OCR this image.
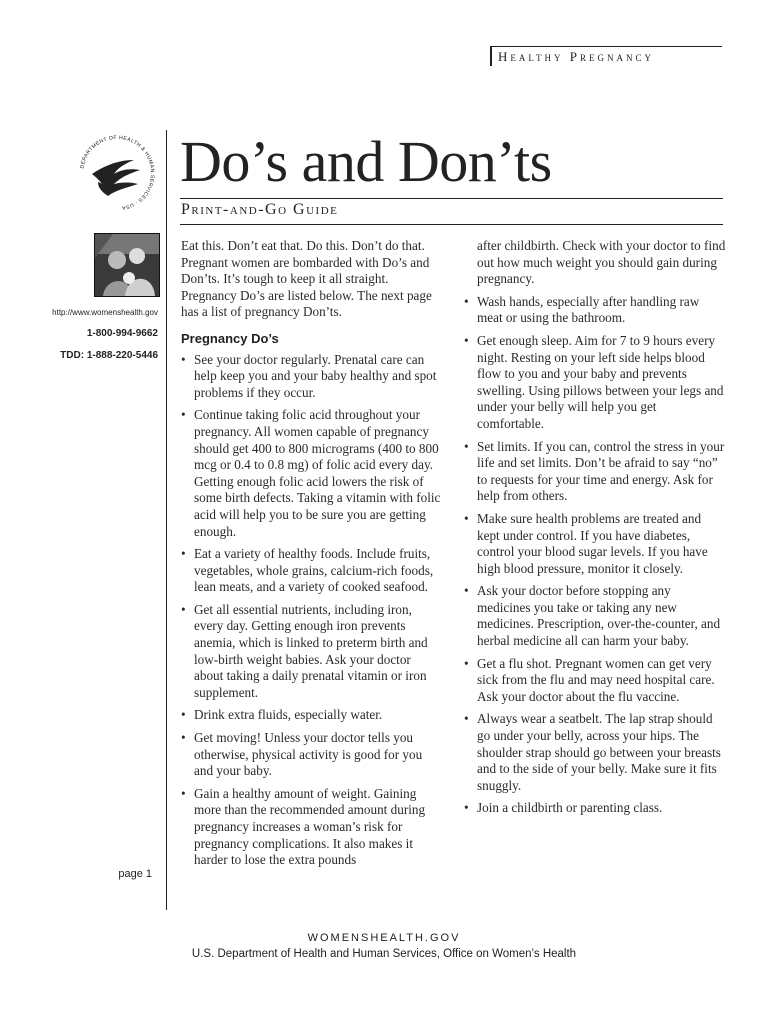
Healthy Pregnancy
DEPARTMENT OF HEALTH & HUMAN SERVICES · USA
http://www.womenshealth.gov
1-800-994-9662
TDD: 1-888-220-5446
page 1
Do’s and Don’ts
Print-and-Go Guide

Eat this. Don’t eat that. Do this. Don’t do that. Pregnant women are bombarded with Do’s and Don’ts. It’s tough to keep it all straight. Pregnancy Do’s are listed below. The next page has a list of pregnancy Don’ts.

Pregnancy Do’s
• See your doctor regularly. Prenatal care can help keep you and your baby healthy and spot problems if they occur.
• Continue taking folic acid throughout your pregnancy. All women capable of pregnancy should get 400 to 800 micrograms (400 to 800 mcg or 0.4 to 0.8 mg) of folic acid every day. Getting enough folic acid lowers the risk of some birth defects. Taking a vitamin with folic acid will help you to be sure you are getting enough.
• Eat a variety of healthy foods. Include fruits, vegetables, whole grains, calcium-rich foods, lean meats, and a variety of cooked seafood.
• Get all essential nutrients, including iron, every day. Getting enough iron prevents anemia, which is linked to preterm birth and low-birth weight babies. Ask your doctor about taking a daily prenatal vitamin or iron supplement.
• Drink extra fluids, especially water.
• Get moving! Unless your doctor tells you otherwise, physical activity is good for you and your baby.
• Gain a healthy amount of weight. Gaining more than the recommended amount during pregnancy increases a woman’s risk for pregnancy complications. It also makes it harder to lose the extra pounds

after childbirth. Check with your doctor to find out how much weight you should gain during pregnancy.

• Wash hands, especially after handling raw meat or using the bathroom.
• Get enough sleep. Aim for 7 to 9 hours every night. Resting on your left side helps blood flow to you and your baby and prevents swelling. Using pillows between your legs and under your belly will help you get comfortable.
• Set limits. If you can, control the stress in your life and set limits. Don’t be afraid to say “no” to requests for your time and energy. Ask for help from others.
• Make sure health problems are treated and kept under control. If you have diabetes, control your blood sugar levels. If you have high blood pressure, monitor it closely.
• Ask your doctor before stopping any medicines you take or taking any new medicines. Prescription, over-the-counter, and herbal medicine all can harm your baby.
• Get a flu shot. Pregnant women can get very sick from the flu and may need hospital care. Ask your doctor about the flu vaccine.
• Always wear a seatbelt. The lap strap should go under your belly, across your hips. The shoulder strap should go between your breasts and to the side of your belly. Make sure it fits snuggly.
• Join a childbirth or parenting class.
WOMENSHEALTH.GOV
U.S. Department of Health and Human Services, Office on Women’s Health
